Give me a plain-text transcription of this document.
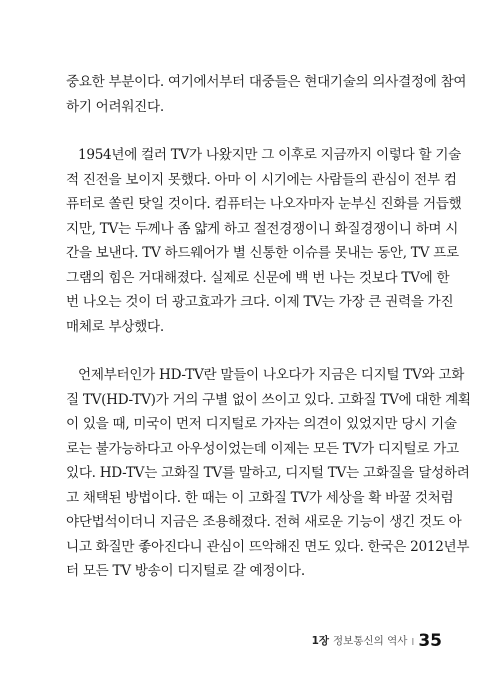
중요한 부분이다. 여기에서부터 대중들은 현대기술의 의사결정에 참여
하기 어려워진다.
1954년에 컬러 TV가 나왔지만 그 이후로 지금까지 이렇다 할 기술
적 진전을 보이지 못했다. 아마 이 시기에는 사람들의 관심이 전부 컴
퓨터로 쏠린 탓일 것이다. 컴퓨터는 나오자마자 눈부신 진화를 거듭했
지만, TV는 두께나 좀 얇게 하고 절전경쟁이니 화질경쟁이니 하며 시
간을 보낸다. TV 하드웨어가 별 신통한 이슈를 못내는 동안, TV 프로
그램의 힘은 거대해졌다. 실제로 신문에 백 번 나는 것보다 TV에 한
번 나오는 것이 더 광고효과가 크다. 이제 TV는 가장 큰 권력을 가진
매체로 부상했다.
언제부터인가 HD-TV란 말들이 나오다가 지금은 디지털 TV와 고화
질 TV(HD-TV)가 거의 구별 없이 쓰이고 있다. 고화질 TV에 대한 계획
이 있을 때, 미국이 먼저 디지털로 가자는 의견이 있었지만 당시 기술
로는 불가능하다고 아우성이었는데 이제는 모든 TV가 디지털로 가고
있다. HD-TV는 고화질 TV를 말하고, 디지털 TV는 고화질을 달성하려
고 채택된 방법이다. 한 때는 이 고화질 TV가 세상을 확 바꿀 것처럼
야단법석이더니 지금은 조용해졌다. 전혀 새로운 기능이 생긴 것도 아
니고 화질만 좋아진다니 관심이 뜨악해진 면도 있다. 한국은 2012년부
터 모든 TV 방송이 디지털로 갈 예정이다.
1장 정보통신의 역사 I 35
